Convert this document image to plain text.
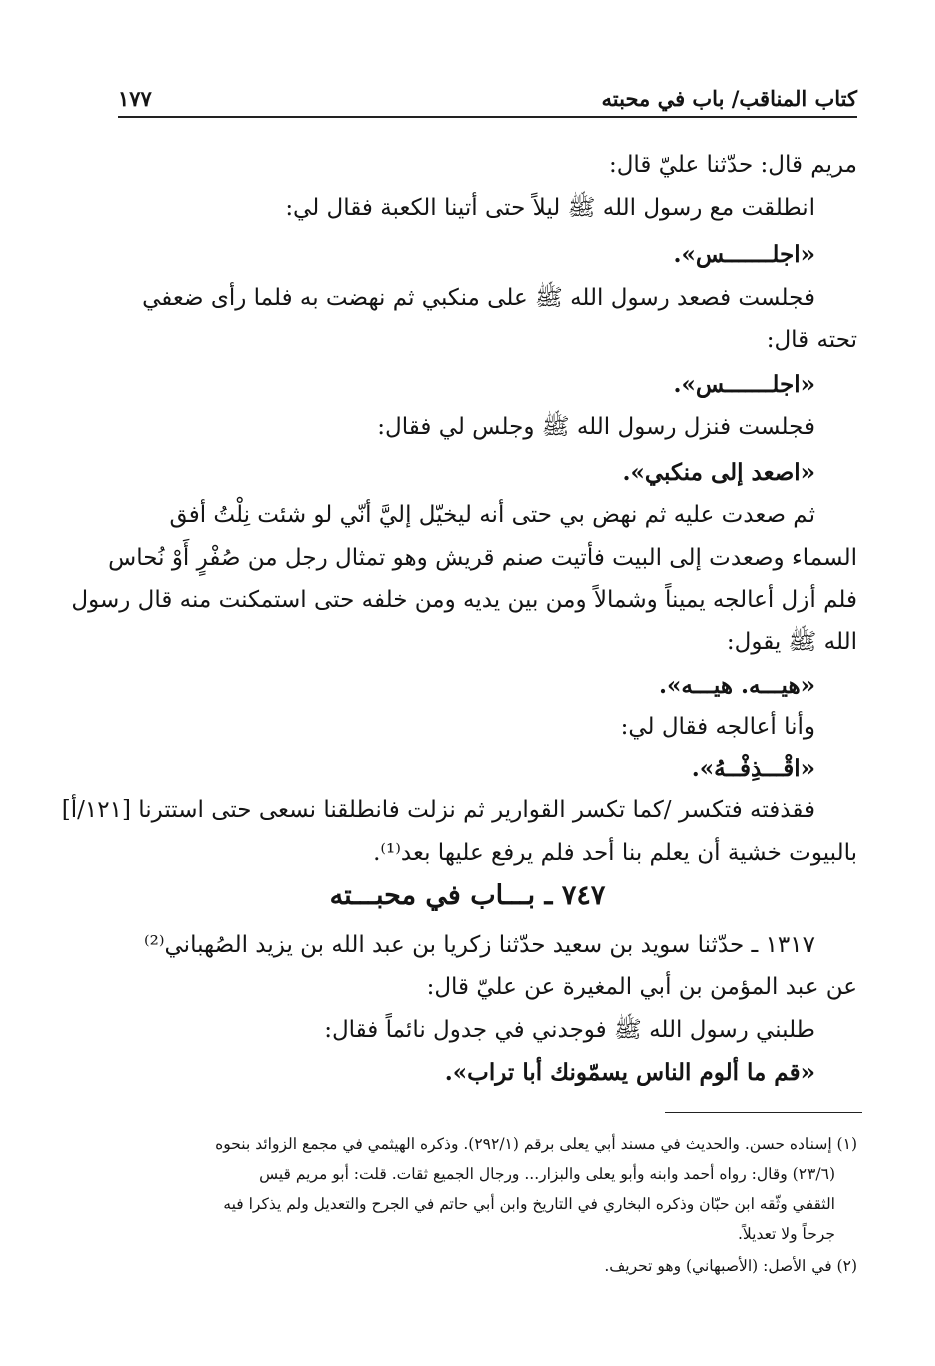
كتاب المناقب/ باب في محبته
١٧٧
مريم قال: حدّثنا عليّ قال:
انطلقت مع رسول الله ﷺ ليلاً حتى أتينا الكعبة فقال لي:
«اجلـــــــس».
فجلست فصعد رسول الله ﷺ على منكبي ثم نهضت به فلما رأى ضعفي
تحته قال:
«اجلـــــــس».
فجلست فنزل رسول الله ﷺ وجلس لي فقال:
«اصعد إلى منكبي».
ثم صعدت عليه ثم نهض بي حتى أنه ليخيّل إليَّ أنّي لو شئت نِلْتُ أفق
السماء وصعدت إلى البيت فأتيت صنم قريش وهو تمثال رجل من صُفْرٍ أَوْ نُحاس
فلم أزل أعالجه يميناً وشمالاً ومن بين يديه ومن خلفه حتى استمكنت منه قال رسول
الله ﷺ يقول:
«هيـــه. هيـــه».
وأنا أعالجه فقال لي:
«اقْـــذِفْــهُ».
فقذفته فتكسر /كما تكسر القوارير ثم نزلت فانطلقنا نسعى حتى استترنا [١٢١/أ]
بالبيوت خشية أن يعلم بنا أحد فلم يرفع عليها بعد⁽¹⁾.
٧٤٧ ـ بـــاب في محبـــته
١٣١٧ ـ حدّثنا سويد بن سعيد حدّثنا زكريا بن عبد الله بن يزيد الصُهباني⁽²⁾
عن عبد المؤمن بن أبي المغيرة عن عليّ قال:
طلبني رسول الله ﷺ فوجدني في جدول نائماً فقال:
«قم ما ألوم الناس يسمّونك أبا تراب».
(١) إسناده حسن. والحديث في مسند أبي يعلى برقم (٢٩٢/١). وذكره الهيثمي في مجمع الزوائد بنحوه
(٢٣/٦) وقال: رواه أحمد وابنه وأبو يعلى والبزار... ورجال الجميع ثقات. قلت: أبو مريم قيس
الثقفي وثّقه ابن حبّان وذكره البخاري في التاريخ وابن أبي حاتم في الجرح والتعديل ولم يذكرا فيه
جرحاً ولا تعديلاً.
(٢) في الأصل: (الأصبهاني) وهو تحريف.
